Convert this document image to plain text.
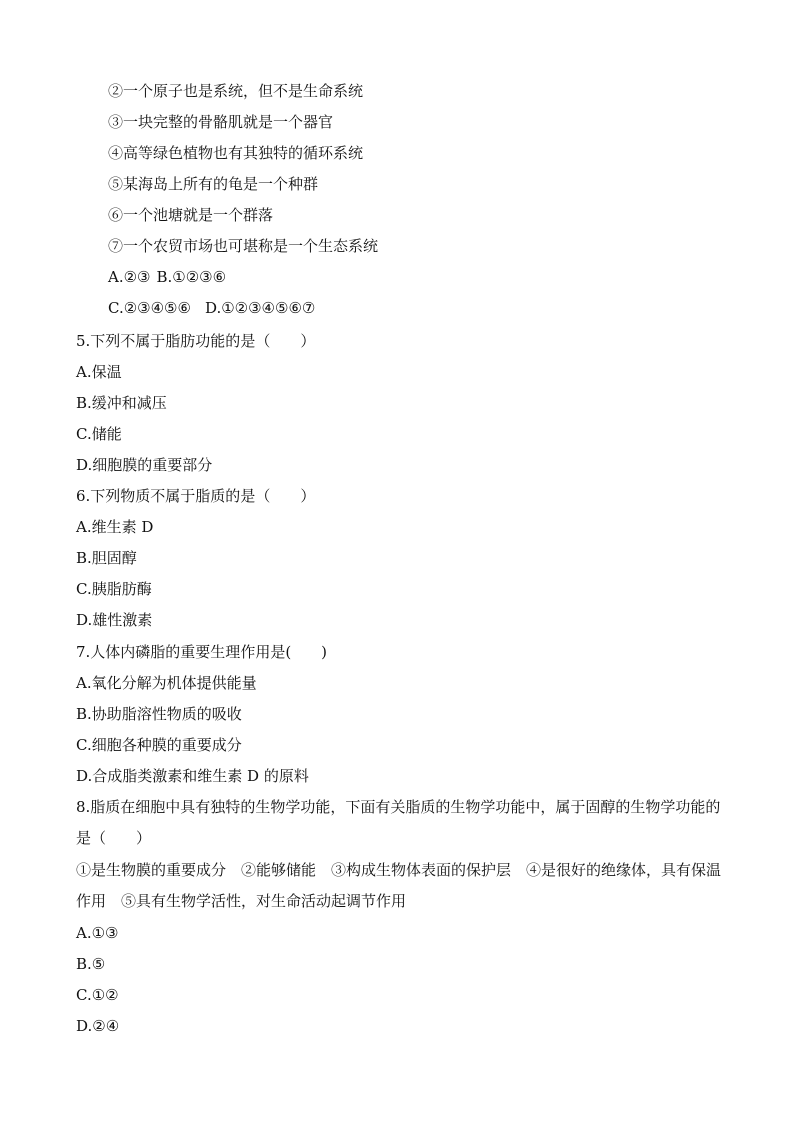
②一个原子也是系统，但不是生命系统
③一块完整的骨骼肌就是一个器官
④高等绿色植物也有其独特的循环系统
⑤某海岛上所有的龟是一个种群
⑥一个池塘就是一个群落
⑦一个农贸市场也可堪称是一个生态系统
A.②③ B.①②③⑥
C.②③④⑤⑥ D.①②③④⑤⑥⑦
5.下列不属于脂肪功能的是（　　）
A.保温
B.缓冲和减压
C.储能
D.细胞膜的重要部分
6.下列物质不属于脂质的是（　　）
A.维生素 D
B.胆固醇
C.胰脂肪酶
D.雄性激素
7.人体内磷脂的重要生理作用是(　　)
A.氧化分解为机体提供能量
B.协助脂溶性物质的吸收
C.细胞各种膜的重要成分
D.合成脂类激素和维生素 D 的原料
8.脂质在细胞中具有独特的生物学功能，下面有关脂质的生物学功能中，属于固醇的生物学功能的是（　　）
①是生物膜的重要成分　②能够储能　③构成生物体表面的保护层　④是很好的绝缘体，具有保温作用　⑤具有生物学活性，对生命活动起调节作用
A.①③
B.⑤
C.①②
D.②④
